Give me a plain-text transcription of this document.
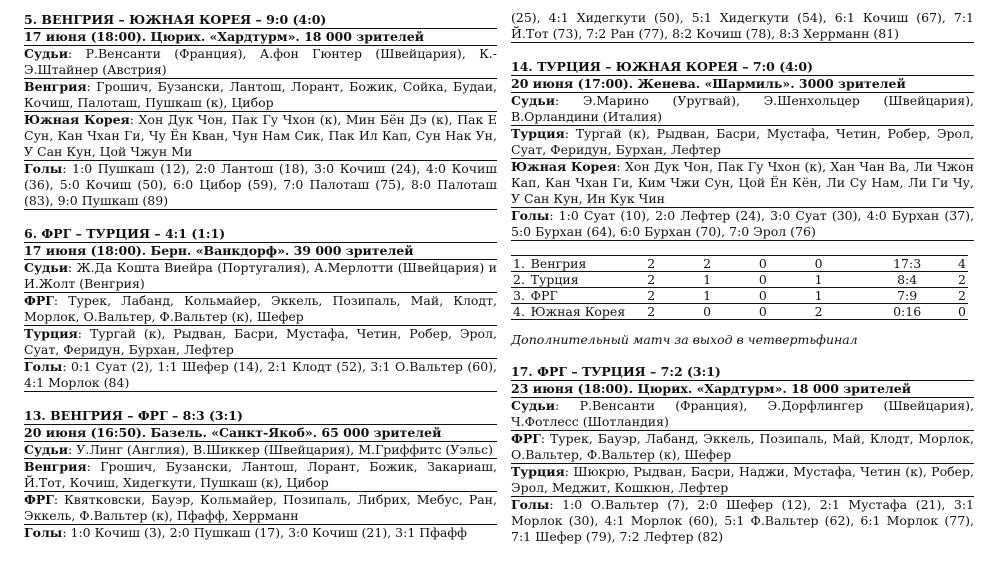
5. ВЕНГРИЯ – ЮЖНАЯ КОРЕЯ – 9:0 (4:0)

17 июня (18:00). Цюрих. «Хардтурм». 18 000 зрителей

Судьи: Р.Венсанти (Франция), А.фон Гюнтер (Швейцария), К.-Э.Штайнер (Австрия)

Венгрия: Грошич, Бузански, Лантош, Лорант, Божик, Сойка, Будаи, Кочиш, Палоташ, Пушкаш (к), Цибор

Южная Корея: Хон Дук Чон, Пак Гу Чхон (к), Мин Бён Дэ (к), Пак Е Сун, Кан Чхан Ги, Чу Ён Кван, Чун Нам Сик, Пак Ил Кап, Сун Нак Ун, У Сан Кун, Цой Чжун Ми

Голы: 1:0 Пушкаш (12), 2:0 Лантош (18), 3:0 Кочиш (24), 4:0 Кочиш (36), 5:0 Кочиш (50), 6:0 Цибор (59), 7:0 Палоташ (75), 8:0 Палоташ (83), 9:0 Пушкаш (89)

6. ФРГ – ТУРЦИЯ – 4:1 (1:1)

17 июня (18:00). Берн. «Ванкдорф». 39 000 зрителей

Судьи: Ж.Да Кошта Виейра (Португалия), А.Мерлотти (Швейцария) и И.Жолт (Венгрия)

ФРГ: Турек, Лабанд, Кольмайер, Эккель, Позипаль, Май, Клодт, Морлок, О.Вальтер, Ф.Вальтер (к), Шефер

Турция: Тургай (к), Рыдван, Басри, Мустафа, Четин, Робер, Эрол, Суат, Феридун, Бурхан, Лефтер

Голы: 0:1 Суат (2), 1:1 Шефер (14), 2:1 Клодт (52), 3:1 О.Вальтер (60), 4:1 Морлок (84)

13. ВЕНГРИЯ – ФРГ – 8:3 (3:1)

20 июня (16:50). Базель. «Санкт-Якоб». 65 000 зрителей

Судьи: У.Линг (Англия), В.Шиккер (Швейцария), М.Гриффитс (Уэльс)

Венгрия: Грошич, Бузански, Лантош, Лорант, Божик, Закариаш, Й.Тот, Кочиш, Хидегкути, Пушкаш (к), Цибор

ФРГ: Квятковски, Бауэр, Кольмайер, Позипаль, Либрих, Мебус, Ран, Эккель, Ф.Вальтер (к), Пфафф, Херрманн

Голы: 1:0 Кочиш (3), 2:0 Пушкаш (17), 3:0 Кочиш (21), 3:1 Пфафф

(25), 4:1 Хидегкути (50), 5:1 Хидегкути (54), 6:1 Кочиш (67), 7:1 Й.Тот (73), 7:2 Ран (77), 8:2 Кочиш (78), 8:3 Херрманн (81)

14. ТУРЦИЯ – ЮЖНАЯ КОРЕЯ – 7:0 (4:0)

20 июня (17:00). Женева. «Шармиль». 3000 зрителей

Судьи: Э.Марино (Уругвай), Э.Шенхольцер (Швейцария), В.Орландини (Италия)

Турция: Тургай (к), Рыдван, Басри, Мустафа, Четин, Робер, Эрол, Суат, Феридун, Бурхан, Лефтер

Южная Корея: Хон Дук Чон, Пак Гу Чхон (к), Хан Чан Ва, Ли Чжон Кап, Кан Чхан Ги, Ким Чжи Сун, Цой Ён Кён, Ли Су Нам, Ли Ги Чу, У Сан Кун, Ин Кук Чин

Голы: 1:0 Суат (10), 2:0 Лефтер (24), 3:0 Суат (30), 4:0 Бурхан (37), 5:0 Бурхан (64), 6:0 Бурхан (70), 7:0 Эрол (76)

1.	Венгрия	2	2	0	0	17:3	4
2.	Турция	2	1	0	1	8:4	2
3.	ФРГ	2	1	0	1	7:9	2
4.	Южная Корея	2	0	0	2	0:16	0

Дополнительный матч за выход в четвертьфинал

17. ФРГ – ТУРЦИЯ – 7:2 (3:1)

23 июня (18:00). Цюрих. «Хардтурм». 18 000 зрителей

Судьи: Р.Венсанти (Франция), Э.Дорфлингер (Швейцария), Ч.Фотлесс (Шотландия)

ФРГ: Турек, Бауэр, Лабанд, Эккель, Позипаль, Май, Клодт, Морлок, О.Вальтер, Ф.Вальтер (к), Шефер

Турция: Шюкрю, Рыдван, Басри, Наджи, Мустафа, Четин (к), Робер, Эрол, Меджит, Кошкюн, Лефтер

Голы: 1:0 О.Вальтер (7), 2:0 Шефер (12), 2:1 Мустафа (21), 3:1 Морлок (30), 4:1 Морлок (60), 5:1 Ф.Вальтер (62), 6:1 Морлок (77), 7:1 Шефер (79), 7:2 Лефтер (82)
